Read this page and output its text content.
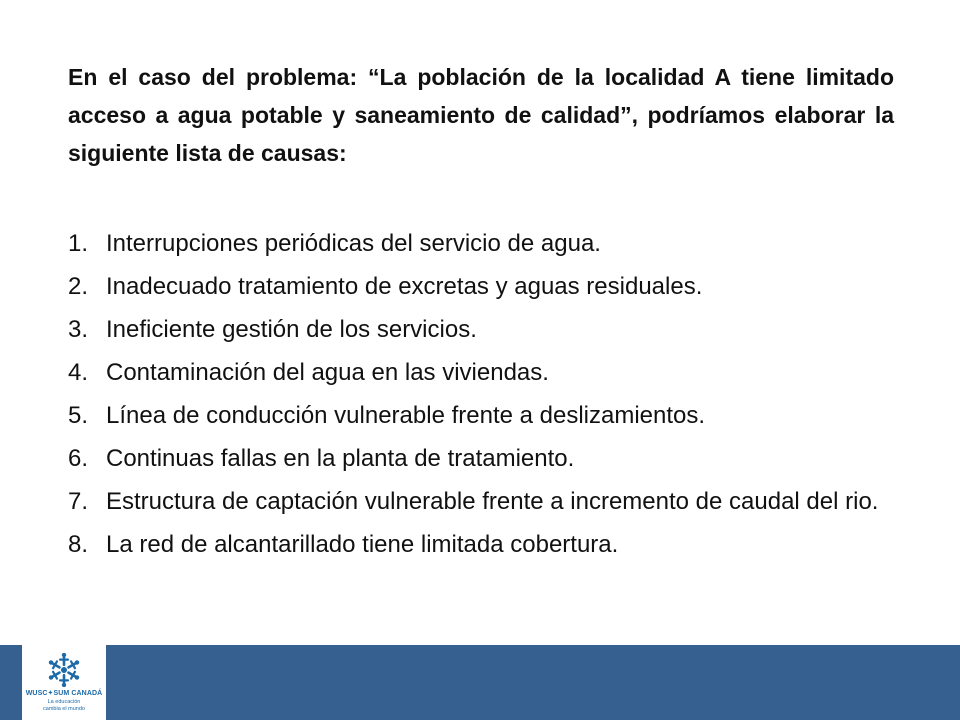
En el caso del problema: “La población de la localidad A tiene limitado acceso a agua potable y saneamiento de calidad”, podríamos elaborar la siguiente lista de causas:

1. Interrupciones periódicas del servicio de agua.
2. Inadecuado tratamiento de excretas y aguas residuales.
3. Ineficiente gestión de los servicios.
4. Contaminación del agua en las viviendas.
5. Línea de conducción vulnerable frente a deslizamientos.
6. Continuas fallas en la planta de tratamiento.
7. Estructura de captación vulnerable frente a incremento de caudal del rio.
8. La red de alcantarillado tiene limitada cobertura.
WUSC✦SUM CANADÁ
La educación
cambia el mundo
